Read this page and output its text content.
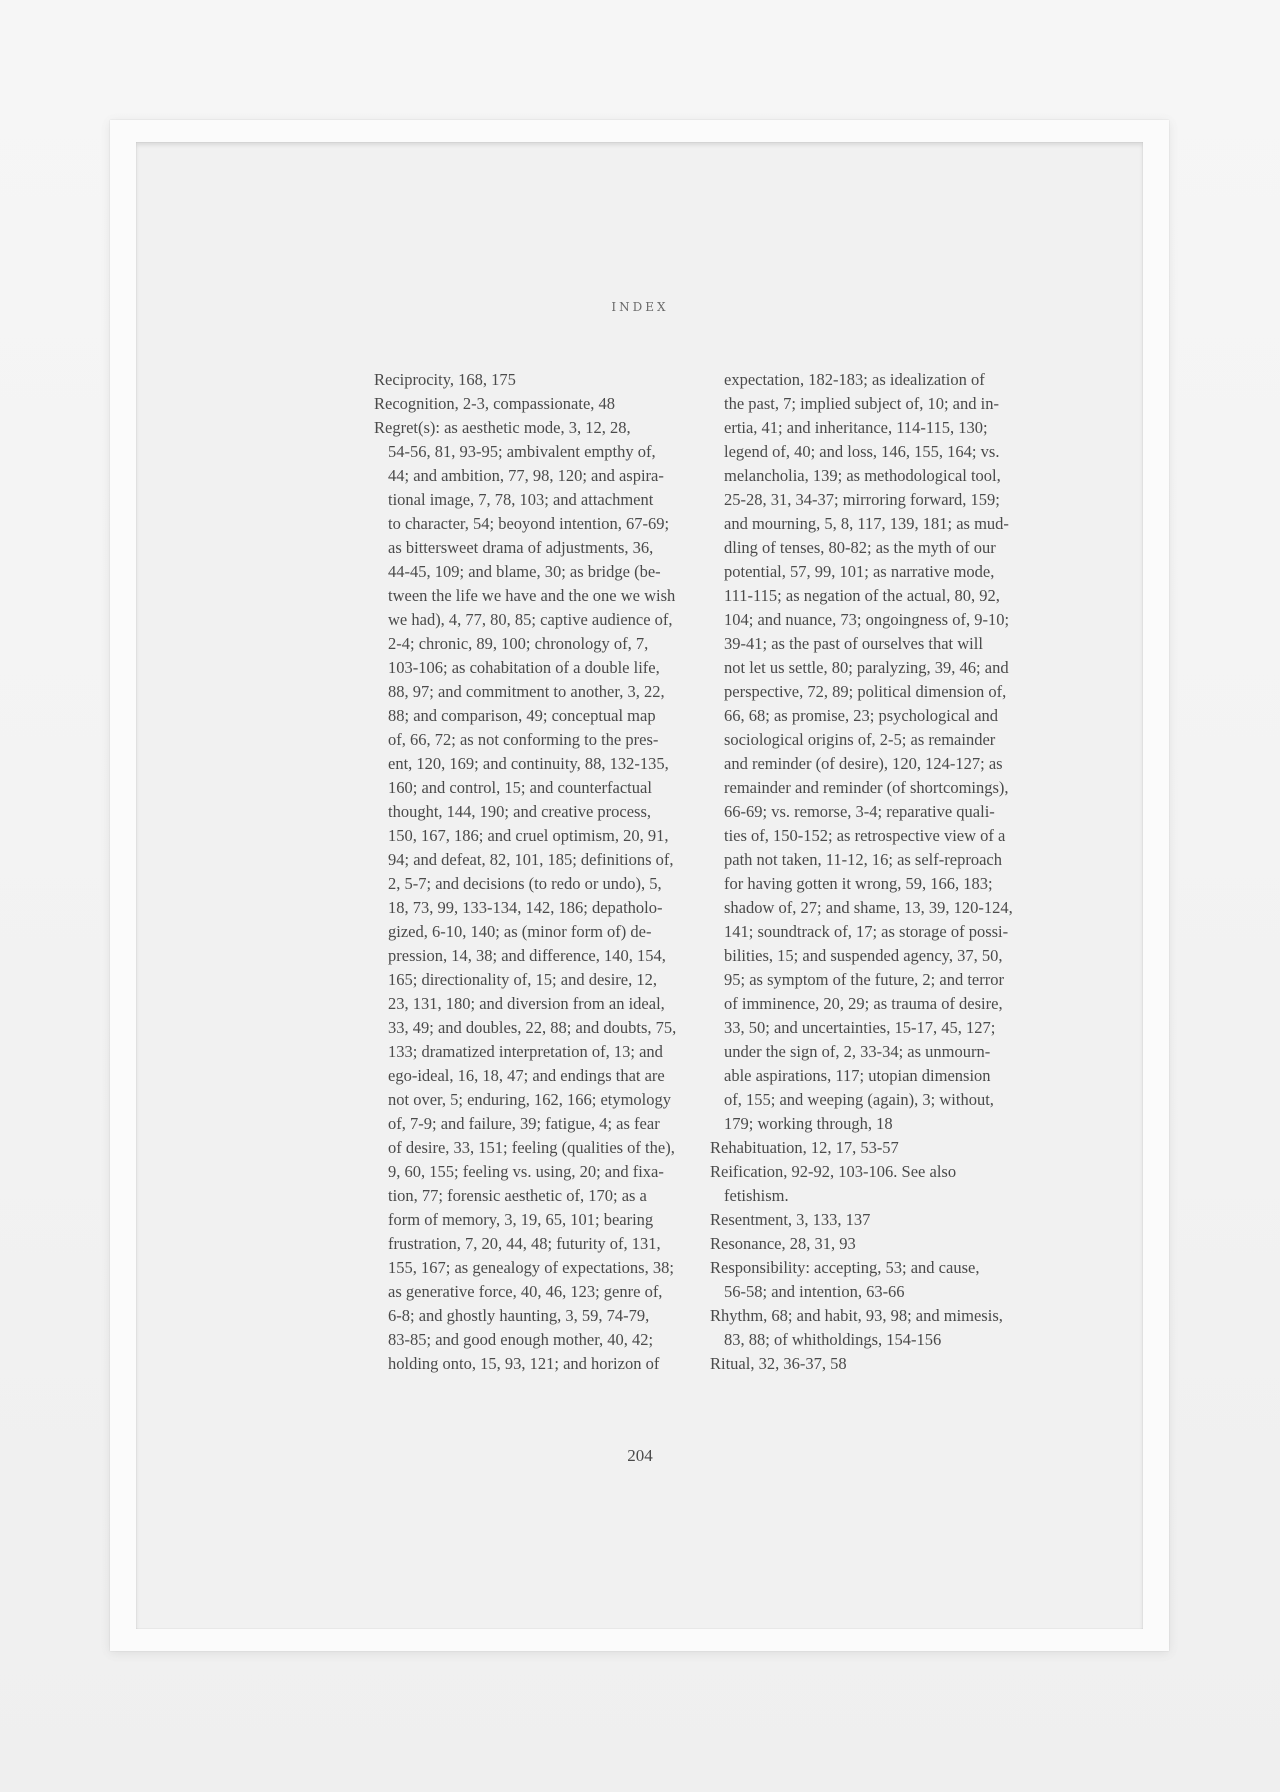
INDEX
Reciprocity, 168, 175
Recognition, 2-3, compassionate, 48
Regret(s): as aesthetic mode, 3, 12, 28,
54-56, 81, 93-95; ambivalent empthy of,
44; and ambition, 77, 98, 120; and aspira-
tional image, 7, 78, 103; and attachment
to character, 54; beoyond intention, 67-69;
as bittersweet drama of adjustments, 36,
44-45, 109; and blame, 30; as bridge (be-
tween the life we have and the one we wish
we had), 4, 77, 80, 85; captive audience of,
2-4; chronic, 89, 100; chronology of, 7,
103-106; as cohabitation of a double life,
88, 97; and commitment to another, 3, 22,
88; and comparison, 49; conceptual map
of, 66, 72; as not conforming to the pres-
ent, 120, 169; and continuity, 88, 132-135,
160; and control, 15; and counterfactual
thought, 144, 190; and creative process,
150, 167, 186; and cruel optimism, 20, 91,
94; and defeat, 82, 101, 185; definitions of,
2, 5-7; and decisions (to redo or undo), 5,
18, 73, 99, 133-134, 142, 186; depatholo-
gized, 6-10, 140; as (minor form of) de-
pression, 14, 38; and difference, 140, 154,
165; directionality of, 15; and desire, 12,
23, 131, 180; and diversion from an ideal,
33, 49; and doubles, 22, 88; and doubts, 75,
133; dramatized interpretation of, 13; and
ego-ideal, 16, 18, 47; and endings that are
not over, 5; enduring, 162, 166; etymology
of, 7-9; and failure, 39; fatigue, 4; as fear
of desire, 33, 151; feeling (qualities of the),
9, 60, 155; feeling vs. using, 20; and fixa-
tion, 77; forensic aesthetic of, 170; as a
form of memory, 3, 19, 65, 101; bearing
frustration, 7, 20, 44, 48; futurity of, 131,
155, 167; as genealogy of expectations, 38;
as generative force, 40, 46, 123; genre of,
6-8; and ghostly haunting, 3, 59, 74-79,
83-85; and good enough mother, 40, 42;
holding onto, 15, 93, 121; and horizon of
expectation, 182-183; as idealization of
the past, 7; implied subject of, 10; and in-
ertia, 41; and inheritance, 114-115, 130;
legend of, 40; and loss, 146, 155, 164; vs.
melancholia, 139; as methodological tool,
25-28, 31, 34-37; mirroring forward, 159;
and mourning, 5, 8, 117, 139, 181; as mud-
dling of tenses, 80-82; as the myth of our
potential, 57, 99, 101; as narrative mode,
111-115; as negation of the actual, 80, 92,
104; and nuance, 73; ongoingness of, 9-10;
39-41; as the past of ourselves that will
not let us settle, 80; paralyzing, 39, 46; and
perspective, 72, 89; political dimension of,
66, 68; as promise, 23; psychological and
sociological origins of, 2-5; as remainder
and reminder (of desire), 120, 124-127; as
remainder and reminder (of shortcomings),
66-69; vs. remorse, 3-4; reparative quali-
ties of, 150-152; as retrospective view of a
path not taken, 11-12, 16; as self-reproach
for having gotten it wrong, 59, 166, 183;
shadow of, 27; and shame, 13, 39, 120-124,
141; soundtrack of, 17; as storage of possi-
bilities, 15; and suspended agency, 37, 50,
95; as symptom of the future, 2; and terror
of imminence, 20, 29; as trauma of desire,
33, 50; and uncertainties, 15-17, 45, 127;
under the sign of, 2, 33-34; as unmourn-
able aspirations, 117; utopian dimension
of, 155; and weeping (again), 3; without,
179; working through, 18
Rehabituation, 12, 17, 53-57
Reification, 92-92, 103-106. See also
fetishism.
Resentment, 3, 133, 137
Resonance, 28, 31, 93
Responsibility: accepting, 53; and cause,
56-58; and intention, 63-66
Rhythm, 68; and habit, 93, 98; and mimesis,
83, 88; of whitholdings, 154-156
Ritual, 32, 36-37, 58
204
